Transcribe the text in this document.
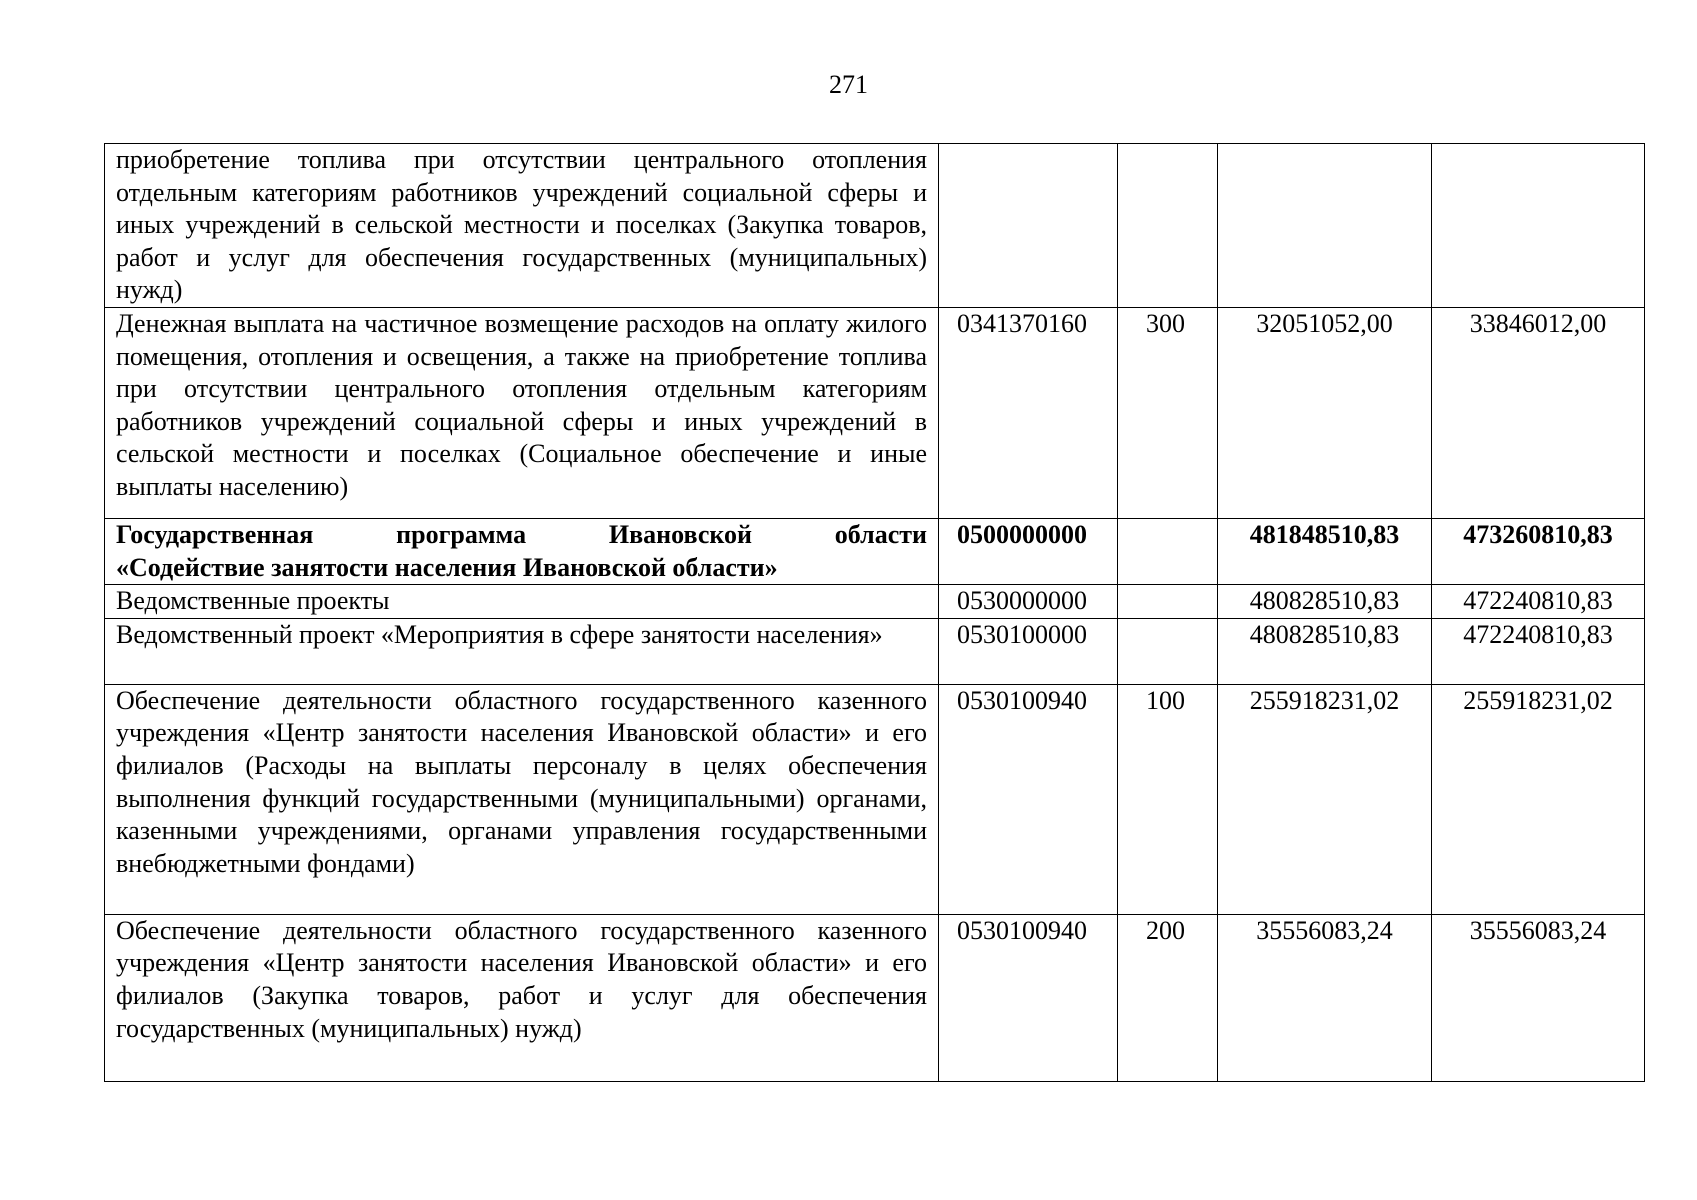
271
приобретение топлива при отсутствии центрального отопления отдельным категориям работников учреждений социальной сферы и иных учреждений в сельской местности и поселках (Закупка товаров, работ и услуг для обеспечения государственных (муниципальных) нужд)				
Денежная выплата на частичное возмещение расходов на оплату жилого помещения, отопления и освещения, а также на приобретение топлива при отсутствии центрального отопления отдельным категориям работников учреждений социальной сферы и иных учреждений в сельской местности и поселках (Социальное обеспечение и иные выплаты населению)	0341370160	300	32051052,00	33846012,00
Государственная программа Ивановской области
«Содействие занятости населения Ивановской области»	0500000000		481848510,83	473260810,83
Ведомственные проекты	0530000000		480828510,83	472240810,83
Ведомственный проект «Мероприятия в сфере занятости населения»	0530100000		480828510,83	472240810,83
Обеспечение деятельности областного государственного казенного учреждения «Центр занятости населения Ивановской области» и его филиалов (Расходы на выплаты персоналу в целях обеспечения выполнения функций государственными (муниципальными) органами, казенными учреждениями, органами управления государственными внебюджетными фондами)	0530100940	100	255918231,02	255918231,02
Обеспечение деятельности областного государственного казенного учреждения «Центр занятости населения Ивановской области» и его филиалов (Закупка товаров, работ и услуг для обеспечения государственных (муниципальных) нужд)	0530100940	200	35556083,24	35556083,24
